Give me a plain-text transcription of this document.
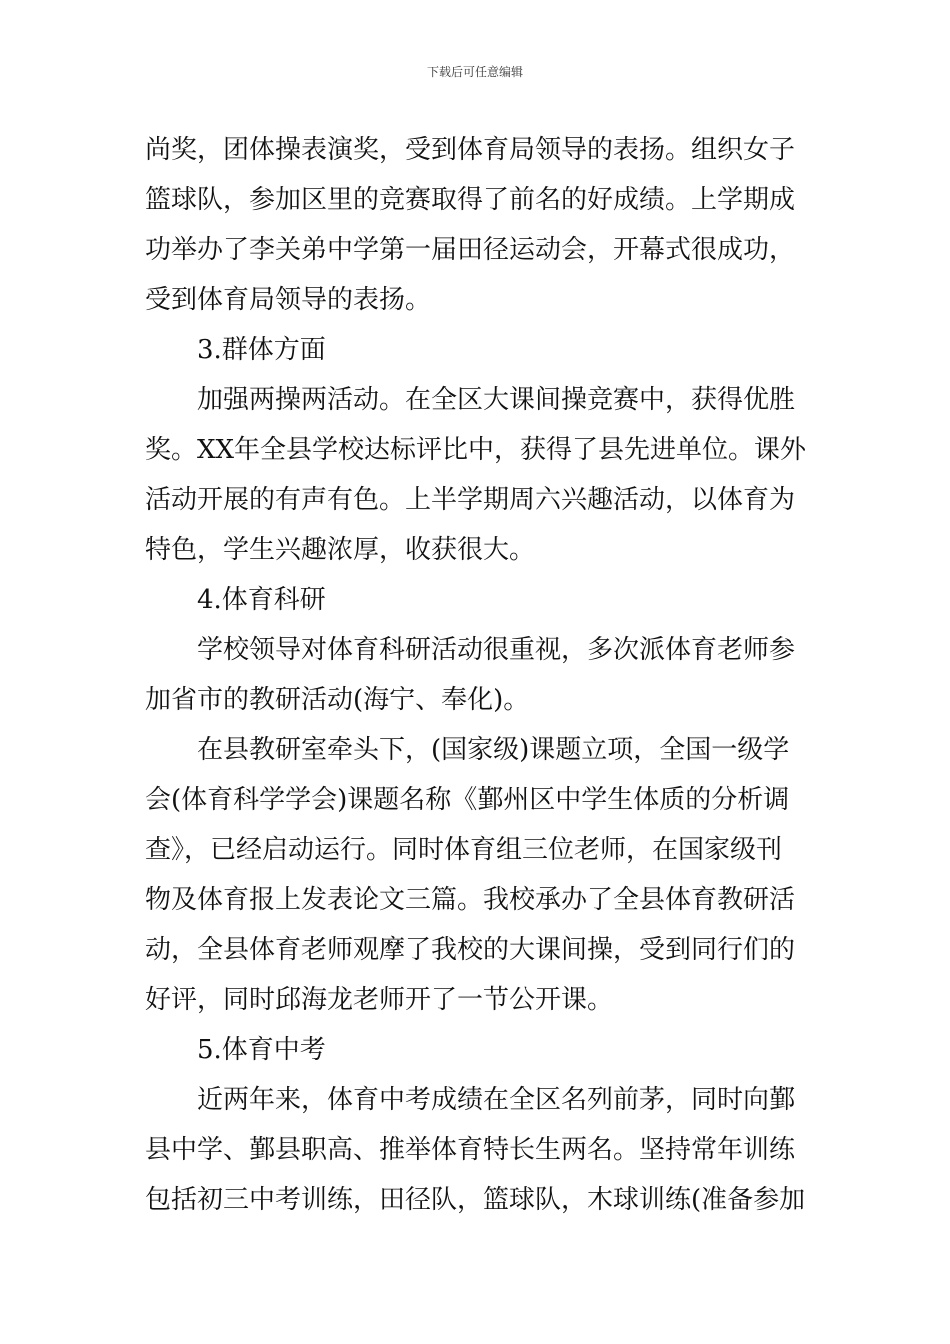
下载后可任意编辑
尚奖，团体操表演奖，受到体育局领导的表扬。组织女子
篮球队，参加区里的竞赛取得了前名的好成绩。上学期成
功举办了李关弟中学第一届田径运动会，开幕式很成功，
受到体育局领导的表扬。
3.群体方面
加强两操两活动。在全区大课间操竞赛中，获得优胜
奖。XX年全县学校达标评比中，获得了县先进单位。课外
活动开展的有声有色。上半学期周六兴趣活动，以体育为
特色，学生兴趣浓厚，收获很大。
4.体育科研
学校领导对体育科研活动很重视，多次派体育老师参
加省市的教研活动(海宁、奉化)。
在县教研室牵头下，(国家级)课题立项，全国一级学
会(体育科学学会)课题名称《鄞州区中学生体质的分析调
查》，已经启动运行。同时体育组三位老师，在国家级刊
物及体育报上发表论文三篇。我校承办了全县体育教研活
动，全县体育老师观摩了我校的大课间操，受到同行们的
好评，同时邱海龙老师开了一节公开课。
5.体育中考
近两年来，体育中考成绩在全区名列前茅，同时向鄞
县中学、鄞县职高、推举体育特长生两名。坚持常年训练
包括初三中考训练，田径队，篮球队，木球训练(准备参加
